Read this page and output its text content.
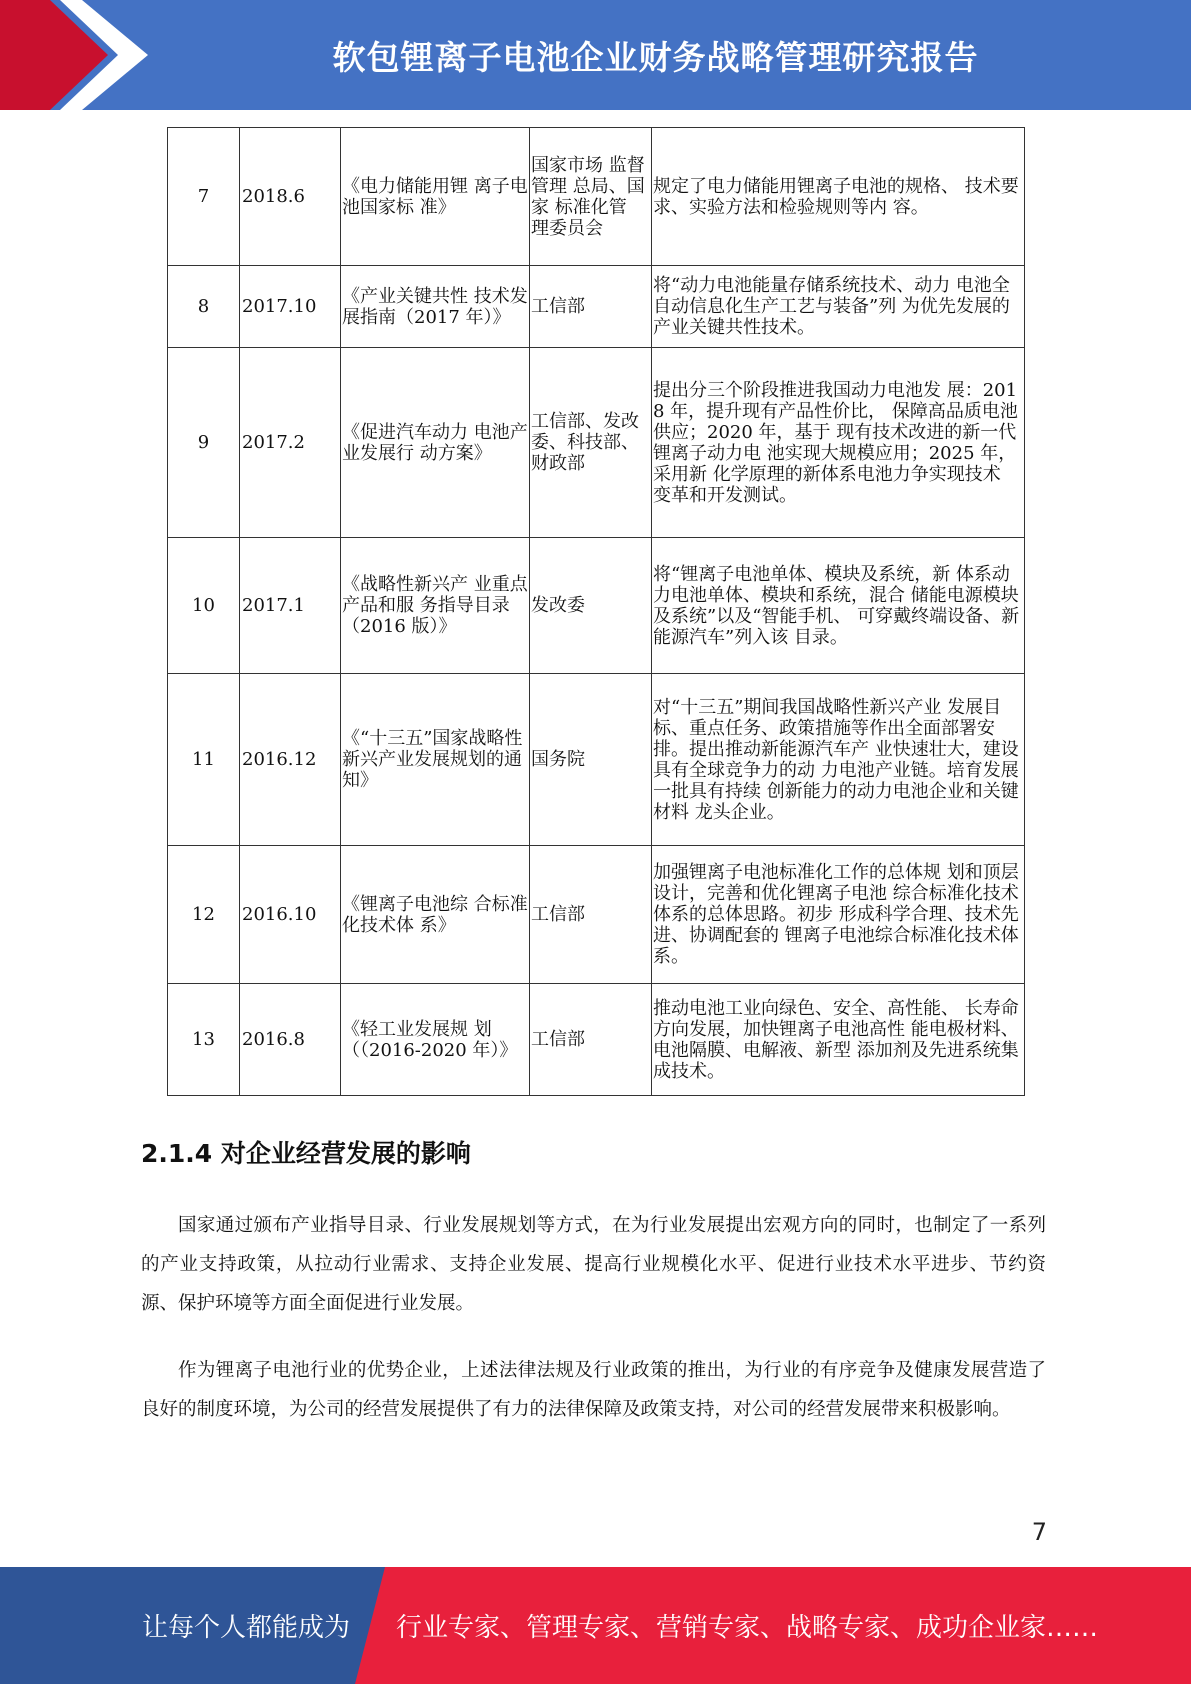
软包锂离子电池企业财务战略管理研究报告
7	2018.6	《电力储能用锂 离子电池国家标 准》	国家市场 监督管理 总局、国家 标准化管 理委员会	规定了电力储能用锂离子电池的规格、 技术要求、实验方法和检验规则等内 容。
8	2017.10	《产业关键共性 技术发展指南（2017 年）》	工信部	将“动力电池能量存储系统技术、动力 电池全自动信息化生产工艺与装备”列 为优先发展的产业关键共性技术。
9	2017.2	《促进汽车动力 电池产业发展行 动方案》	工信部、发改委、科技部、财政部	提出分三个阶段推进我国动力电池发 展：2018 年，提升现有产品性价比， 保障高品质电池供应；2020 年，基于 现有技术改进的新一代锂离子动力电 池实现大规模应用；2025 年，采用新 化学原理的新体系电池力争实现技术 变革和开发测试。
10	2017.1	《战略性新兴产 业重点产品和服 务指导目录（2016 版）》	发改委	将“锂离子电池单体、模块及系统，新 体系动力电池单体、模块和系统，混合 储能电源模块及系统”以及“智能手机、 可穿戴终端设备、新能源汽车”列入该 目录。
11	2016.12	《“十三五”国家战略性新兴产业发展规划的通知》	国务院	对“十三五”期间我国战略性新兴产业 发展目标、重点任务、政策措施等作出全面部署安排。提出推动新能源汽车产 业快速壮大，建设具有全球竞争力的动 力电池产业链。培育发展一批具有持续 创新能力的动力电池企业和关键材料 龙头企业。
12	2016.10	《锂离子电池综 合标准化技术体 系》	工信部	加强锂离子电池标准化工作的总体规 划和顶层设计，完善和优化锂离子电池 综合标准化技术体系的总体思路。初步 形成科学合理、技术先进、协调配套的 锂离子电池综合标准化技术体系。
13	2016.8	《轻工业发展规 划（（2016-2020 年）》	工信部	推动电池工业向绿色、安全、高性能、 长寿命方向发展，加快锂离子电池高性 能电极材料、电池隔膜、电解液、新型 添加剂及先进系统集成技术。
2.1.4 对企业经营发展的影响

国家通过颁布产业指导目录、行业发展规划等方式，在为行业发展提出宏观方向的同时，也制定了一系列的产业支持政策，从拉动行业需求、支持企业发展、提高行业规模化水平、促进行业技术水平进步、节约资源、保护环境等方面全面促进行业发展。

作为锂离子电池行业的优势企业，上述法律法规及行业政策的推出，为行业的有序竞争及健康发展营造了良好的制度环境，为公司的经营发展提供了有力的法律保障及政策支持，对公司的经营发展带来积极影响。

7
让每个人都能成为 行业专家、管理专家、营销专家、战略专家、成功企业家……
